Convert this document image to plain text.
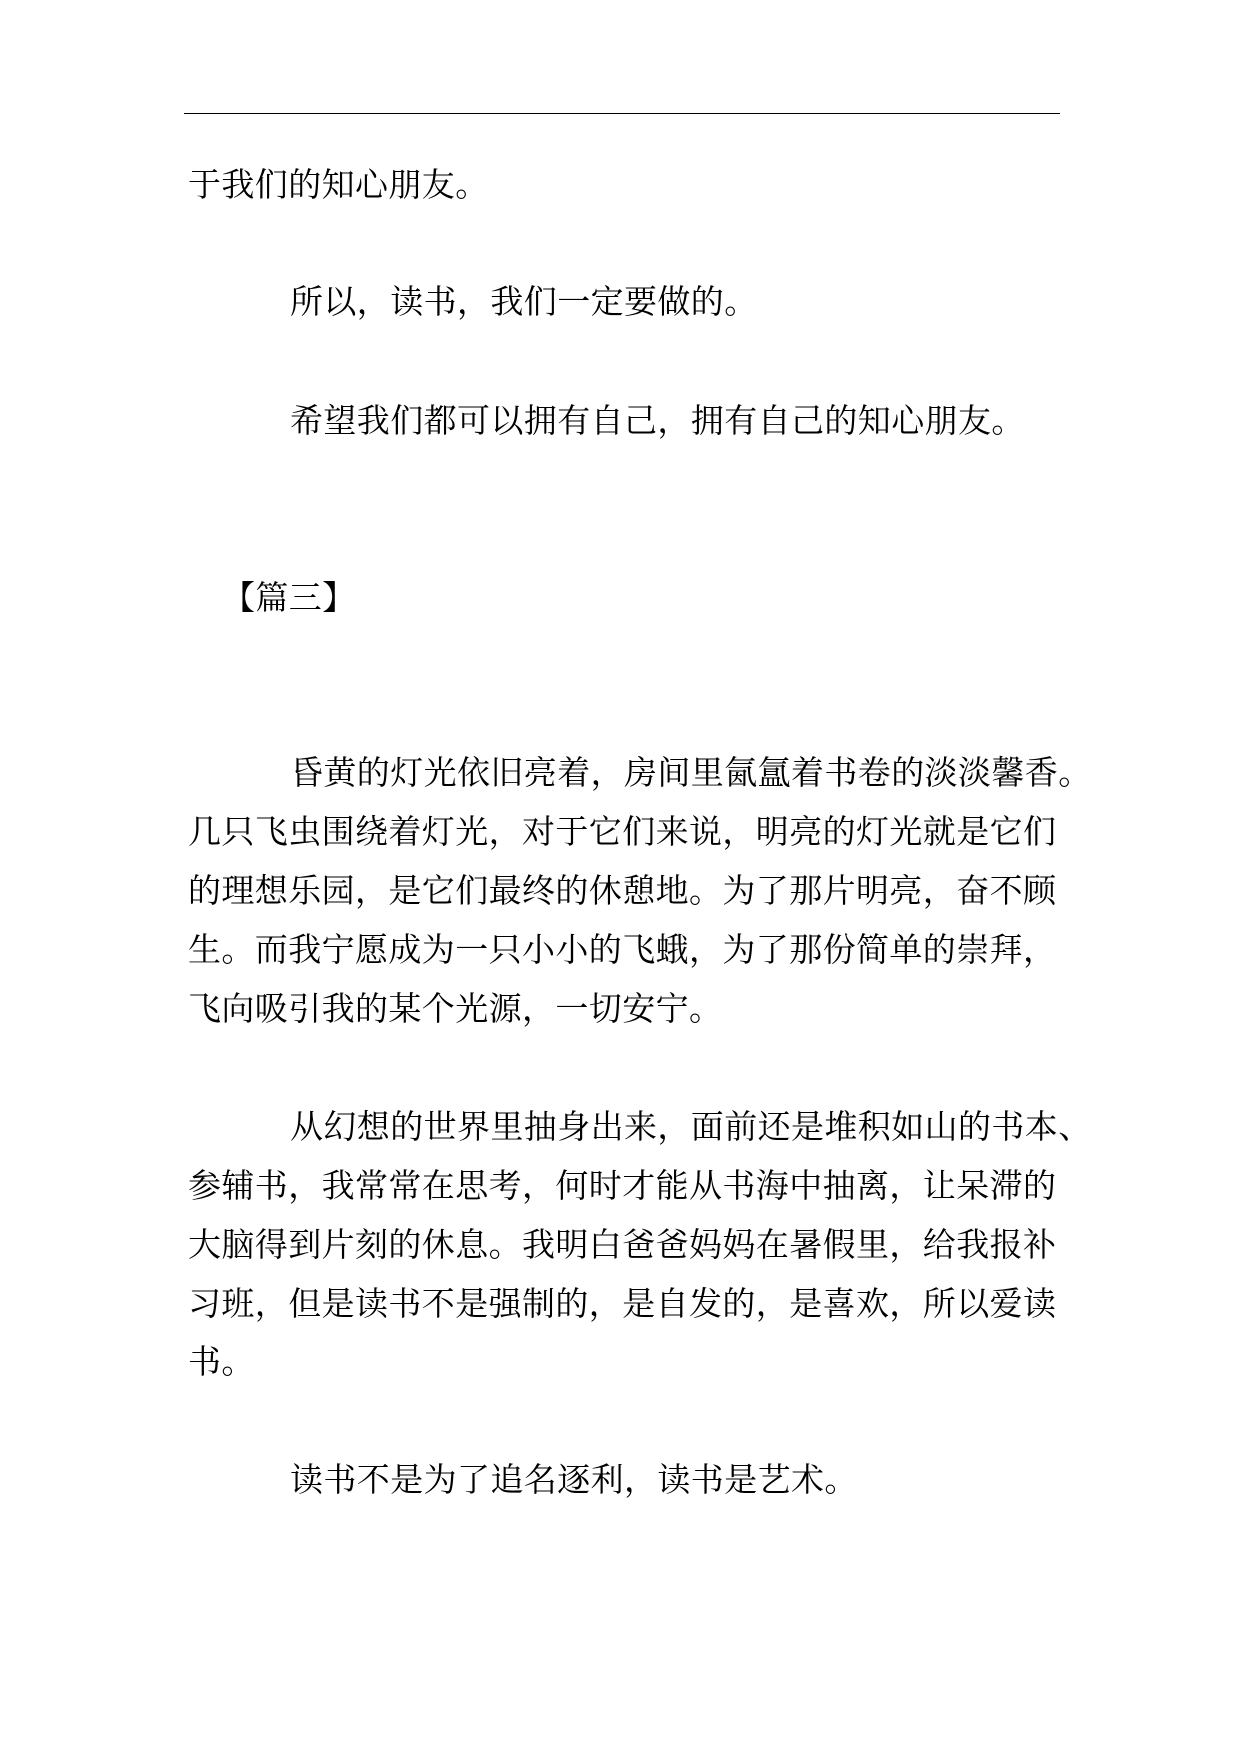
于我们的知心朋友。
所以，读书，我们一定要做的。
希望我们都可以拥有自己，拥有自己的知心朋友。
【篇三】
昏黄的灯光依旧亮着，房间里氤氲着书卷的淡淡馨香。
几只飞虫围绕着灯光，对于它们来说，明亮的灯光就是它们
的理想乐园，是它们最终的休憩地。为了那片明亮，奋不顾
生。而我宁愿成为一只小小的飞蛾，为了那份简单的崇拜，
飞向吸引我的某个光源，一切安宁。
从幻想的世界里抽身出来，面前还是堆积如山的书本、
参辅书，我常常在思考，何时才能从书海中抽离，让呆滞的
大脑得到片刻的休息。我明白爸爸妈妈在暑假里，给我报补
习班，但是读书不是强制的，是自发的，是喜欢，所以爱读
书。
读书不是为了追名逐利，读书是艺术。
